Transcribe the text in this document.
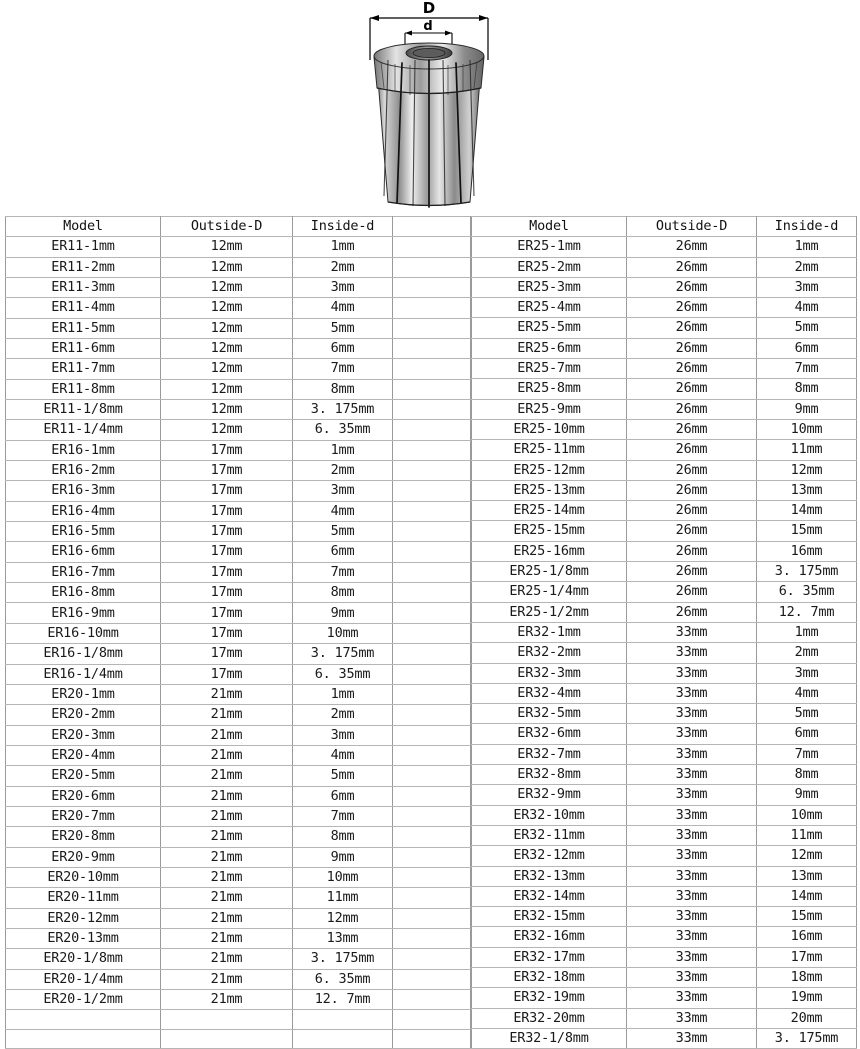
D
d
Model	Outside-D	Inside-d	
ER11-1mm	12mm	1mm	
ER11-2mm	12mm	2mm	
ER11-3mm	12mm	3mm	
ER11-4mm	12mm	4mm	
ER11-5mm	12mm	5mm	
ER11-6mm	12mm	6mm	
ER11-7mm	12mm	7mm	
ER11-8mm	12mm	8mm	
ER11-1/8mm	12mm	3. 175mm	
ER11-1/4mm	12mm	6. 35mm	
ER16-1mm	17mm	1mm	
ER16-2mm	17mm	2mm	
ER16-3mm	17mm	3mm	
ER16-4mm	17mm	4mm	
ER16-5mm	17mm	5mm	
ER16-6mm	17mm	6mm	
ER16-7mm	17mm	7mm	
ER16-8mm	17mm	8mm	
ER16-9mm	17mm	9mm	
ER16-10mm	17mm	10mm	
ER16-1/8mm	17mm	3. 175mm	
ER16-1/4mm	17mm	6. 35mm	
ER20-1mm	21mm	1mm	
ER20-2mm	21mm	2mm	
ER20-3mm	21mm	3mm	
ER20-4mm	21mm	4mm	
ER20-5mm	21mm	5mm	
ER20-6mm	21mm	6mm	
ER20-7mm	21mm	7mm	
ER20-8mm	21mm	8mm	
ER20-9mm	21mm	9mm	
ER20-10mm	21mm	10mm	
ER20-11mm	21mm	11mm	
ER20-12mm	21mm	12mm	
ER20-13mm	21mm	13mm	
ER20-1/8mm	21mm	3. 175mm	
ER20-1/4mm	21mm	6. 35mm	
ER20-1/2mm	21mm	12. 7mm	

Model	Outside-D	Inside-d
ER25-1mm	26mm	1mm
ER25-2mm	26mm	2mm
ER25-3mm	26mm	3mm
ER25-4mm	26mm	4mm
ER25-5mm	26mm	5mm
ER25-6mm	26mm	6mm
ER25-7mm	26mm	7mm
ER25-8mm	26mm	8mm
ER25-9mm	26mm	9mm
ER25-10mm	26mm	10mm
ER25-11mm	26mm	11mm
ER25-12mm	26mm	12mm
ER25-13mm	26mm	13mm
ER25-14mm	26mm	14mm
ER25-15mm	26mm	15mm
ER25-16mm	26mm	16mm
ER25-1/8mm	26mm	3. 175mm
ER25-1/4mm	26mm	6. 35mm
ER25-1/2mm	26mm	12. 7mm
ER32-1mm	33mm	1mm
ER32-2mm	33mm	2mm
ER32-3mm	33mm	3mm
ER32-4mm	33mm	4mm
ER32-5mm	33mm	5mm
ER32-6mm	33mm	6mm
ER32-7mm	33mm	7mm
ER32-8mm	33mm	8mm
ER32-9mm	33mm	9mm
ER32-10mm	33mm	10mm
ER32-11mm	33mm	11mm
ER32-12mm	33mm	12mm
ER32-13mm	33mm	13mm
ER32-14mm	33mm	14mm
ER32-15mm	33mm	15mm
ER32-16mm	33mm	16mm
ER32-17mm	33mm	17mm
ER32-18mm	33mm	18mm
ER32-19mm	33mm	19mm
ER32-20mm	33mm	20mm
ER32-1/8mm	33mm	3. 175mm
